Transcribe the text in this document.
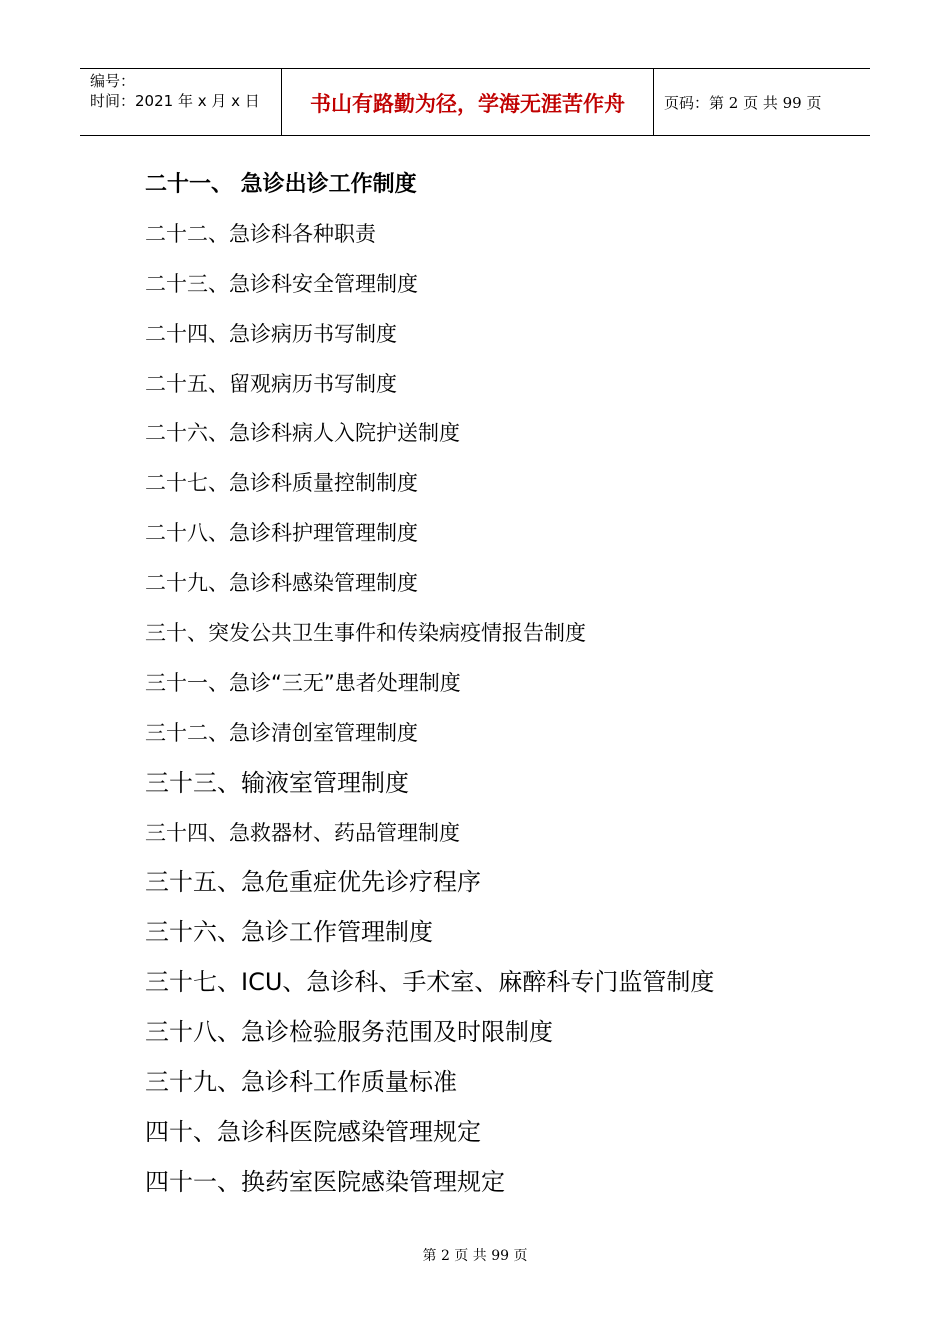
编号：
时间：2021 年 x 月 x 日	书山有路勤为径，学海无涯苦作舟	页码：第 2 页 共 99 页
二十一、 急诊出诊工作制度
二十二、急诊科各种职责
二十三、急诊科安全管理制度
二十四、急诊病历书写制度
二十五、留观病历书写制度
二十六、急诊科病人入院护送制度
二十七、急诊科质量控制制度
二十八、急诊科护理管理制度
二十九、急诊科感染管理制度
三十、突发公共卫生事件和传染病疫情报告制度
三十一、急诊“三无”患者处理制度
三十二、急诊清创室管理制度
三十三、输液室管理制度
三十四、急救器材、药品管理制度
三十五、急危重症优先诊疗程序
三十六、急诊工作管理制度
三十七、ICU、急诊科、手术室、麻醉科专门监管制度
三十八、急诊检验服务范围及时限制度
三十九、急诊科工作质量标准
四十、急诊科医院感染管理规定
四十一、换药室医院感染管理规定
第 2 页 共 99 页
